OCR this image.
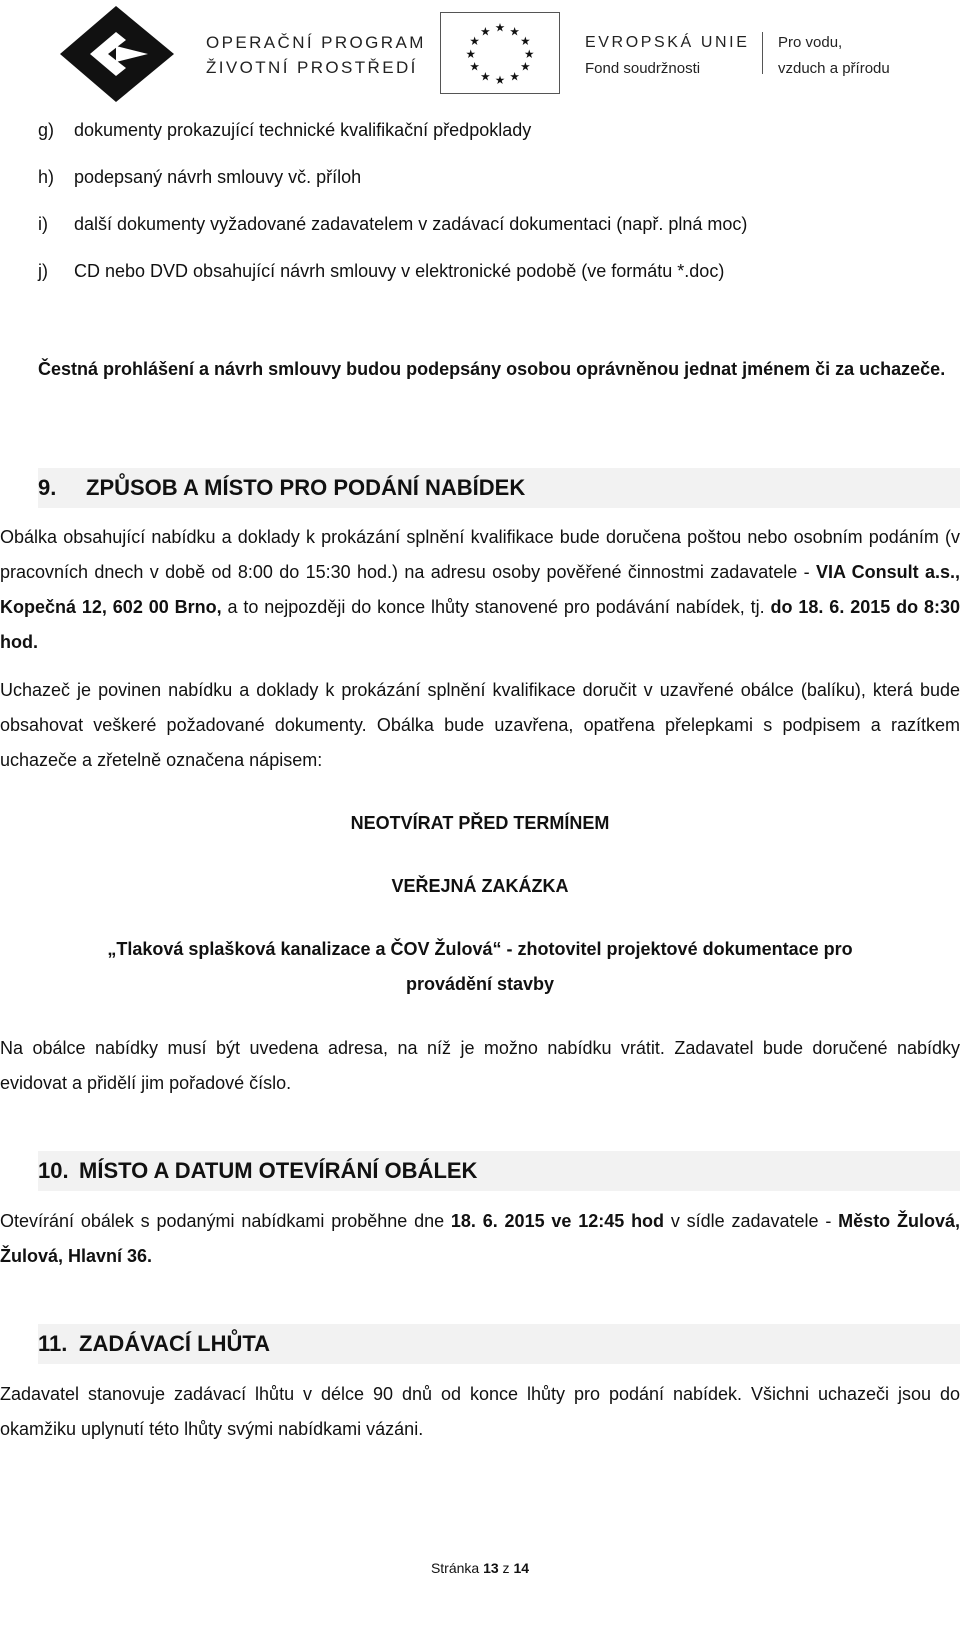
OPERAČNÍ PROGRAM
ŽIVOTNÍ PROSTŘEDÍ
★ ★
★
★
★
★
★
★
★
★
★
★
EVROPSKÁ UNIE
Fond soudržnosti
Pro vodu,
vzduch a přírodu
g)	dokumenty prokazující technické kvalifikační předpoklady
h)	podepsaný návrh smlouvy vč. příloh
i)	další dokumenty vyžadované zadavatelem v zadávací dokumentaci (např. plná moc)
j)	CD nebo DVD obsahující návrh smlouvy v elektronické podobě (ve formátu *.doc)
Čestná prohlášení a návrh smlouvy budou podepsány osobou oprávněnou jednat jménem či za uchazeče.
9. ZPŮSOB A MÍSTO PRO PODÁNÍ NABÍDEK
Obálka obsahující nabídku a doklady k prokázání splnění kvalifikace bude doručena poštou nebo osobním podáním (v pracovních dnech v době od 8:00 do 15:30 hod.) na adresu osoby pověřené činnostmi zadavatele - VIA Consult a.s., Kopečná 12, 602 00 Brno, a to nejpozději do konce lhůty stanovené pro podávání nabídek, tj. do 18. 6. 2015 do 8:30 hod.
Uchazeč je povinen nabídku a doklady k prokázání splnění kvalifikace doručit v uzavřené obálce (balíku), která bude obsahovat veškeré požadované dokumenty. Obálka bude uzavřena, opatřena přelepkami s podpisem a razítkem uchazeče a zřetelně označena nápisem:
NEOTVÍRAT PŘED TERMÍNEM
VEŘEJNÁ ZAKÁZKA
„Tlaková splašková kanalizace a ČOV Žulová“ - zhotovitel projektové dokumentace pro
provádění stavby
Na obálce nabídky musí být uvedena adresa, na níž je možno nabídku vrátit. Zadavatel bude doručené nabídky evidovat a přidělí jim pořadové číslo.
10. MÍSTO A DATUM OTEVÍRÁNÍ OBÁLEK
Otevírání obálek s podanými nabídkami proběhne dne 18. 6. 2015 ve 12:45 hod v sídle zadavatele - Město Žulová, Žulová, Hlavní 36.
11. ZADÁVACÍ LHŮTA
Zadavatel stanovuje zadávací lhůtu v délce 90 dnů od konce lhůty pro podání nabídek. Všichni uchazeči jsou do okamžiku uplynutí této lhůty svými nabídkami vázáni.
Stránka 13 z 14
